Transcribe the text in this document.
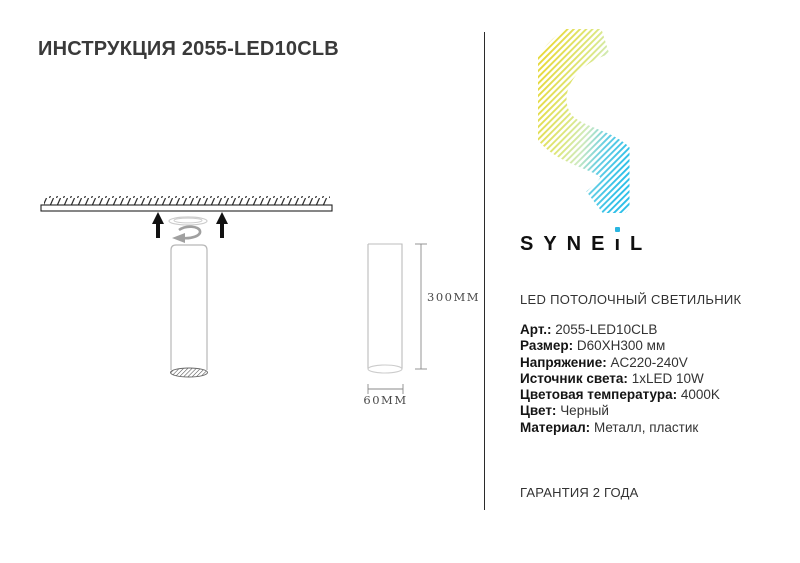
ИНСТРУКЦИЯ 2055-LED10CLB
300MM
60MM
SYNEı
L
LED ПОТОЛОЧНЫЙ СВЕТИЛЬНИК
Арт.: 2055-LED10CLB
Размер: D60XH300 мм
Напряжение: AC220-240V
Источник света: 1xLED 10W
Цветовая температура: 4000K
Цвет: Черный
Материал: Металл, пластик
ГАРАНТИЯ 2 ГОДА
